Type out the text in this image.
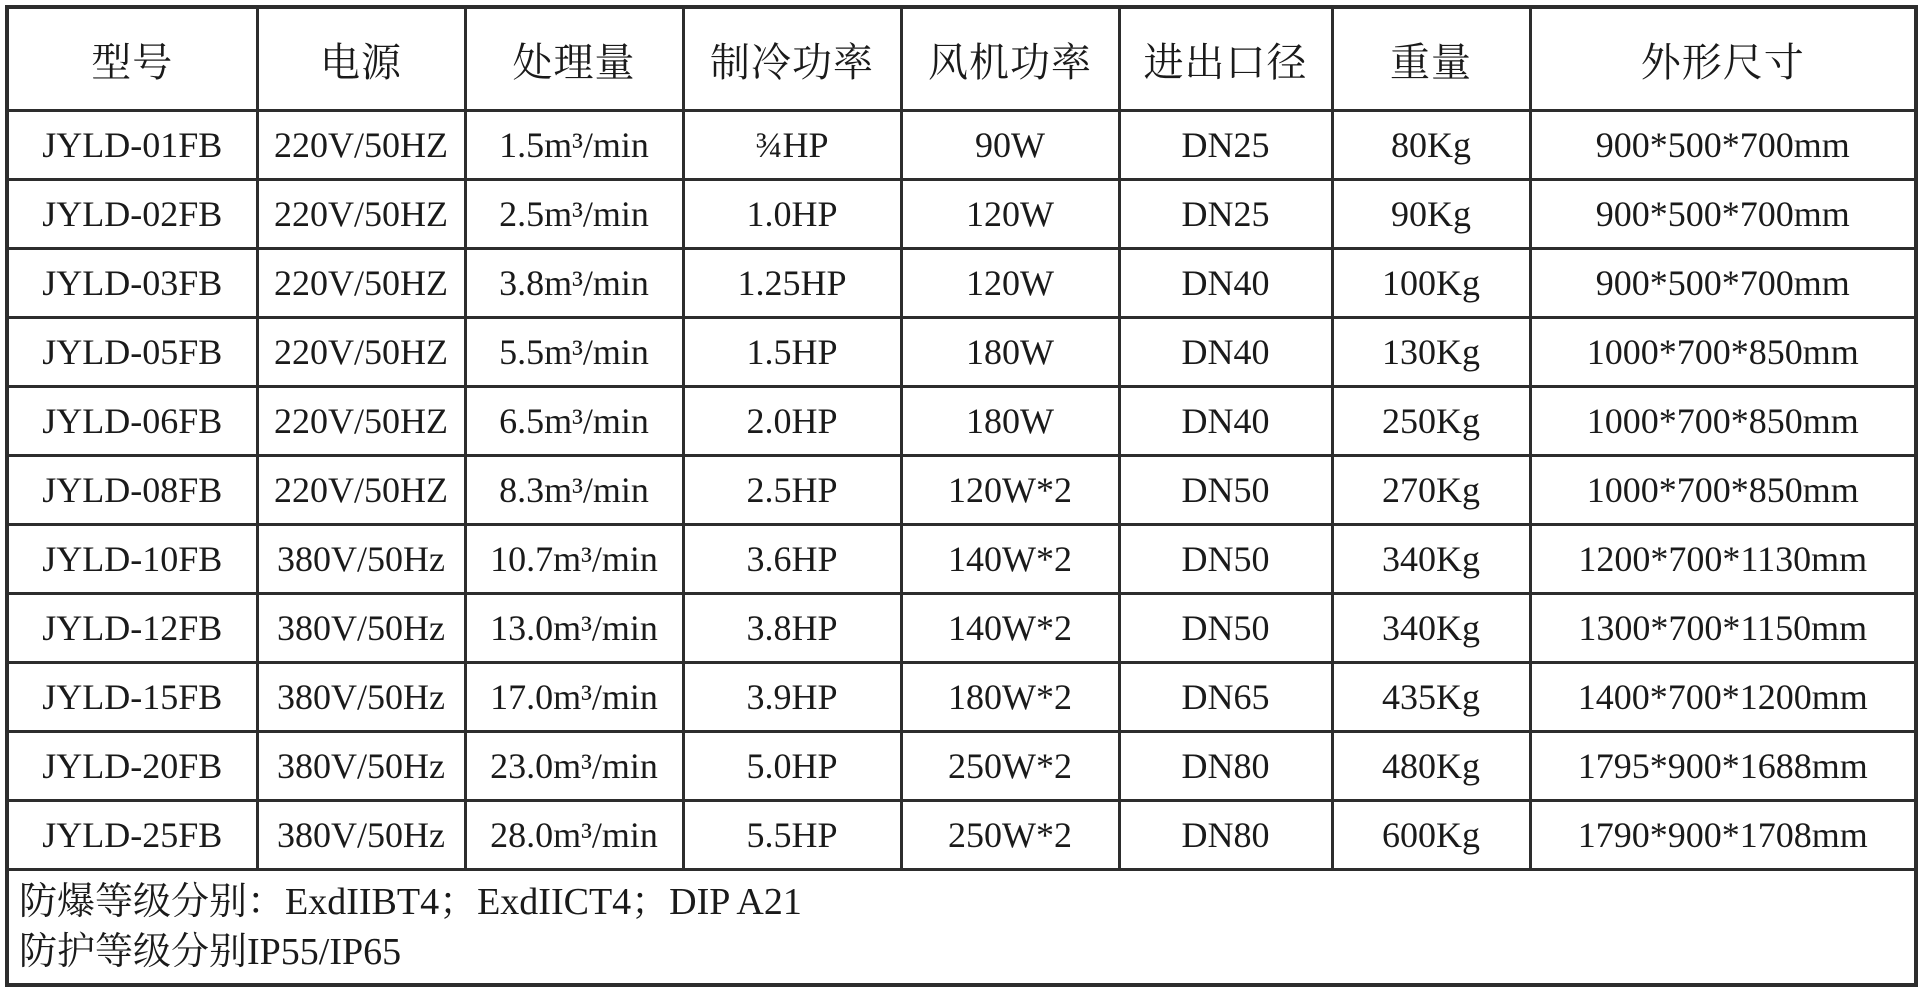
型号	电源	处理量	制冷功率	风机功率	进出口径	重量	外形尺寸
JYLD-01FB	220V/50HZ	1.5m³/min	¾HP	90W	DN25	80Kg	900*500*700mm
JYLD-02FB	220V/50HZ	2.5m³/min	1.0HP	120W	DN25	90Kg	900*500*700mm
JYLD-03FB	220V/50HZ	3.8m³/min	1.25HP	120W	DN40	100Kg	900*500*700mm
JYLD-05FB	220V/50HZ	5.5m³/min	1.5HP	180W	DN40	130Kg	1000*700*850mm
JYLD-06FB	220V/50HZ	6.5m³/min	2.0HP	180W	DN40	250Kg	1000*700*850mm
JYLD-08FB	220V/50HZ	8.3m³/min	2.5HP	120W*2	DN50	270Kg	1000*700*850mm
JYLD-10FB	380V/50Hz	10.7m³/min	3.6HP	140W*2	DN50	340Kg	1200*700*1130mm
JYLD-12FB	380V/50Hz	13.0m³/min	3.8HP	140W*2	DN50	340Kg	1300*700*1150mm
JYLD-15FB	380V/50Hz	17.0m³/min	3.9HP	180W*2	DN65	435Kg	1400*700*1200mm
JYLD-20FB	380V/50Hz	23.0m³/min	5.0HP	250W*2	DN80	480Kg	1795*900*1688mm
JYLD-25FB	380V/50Hz	28.0m³/min	5.5HP	250W*2	DN80	600Kg	1790*900*1708mm

防爆等级分别：ExdIIBT4；ExdIICT4；DIP A21
防护等级分别IP55/IP65							
